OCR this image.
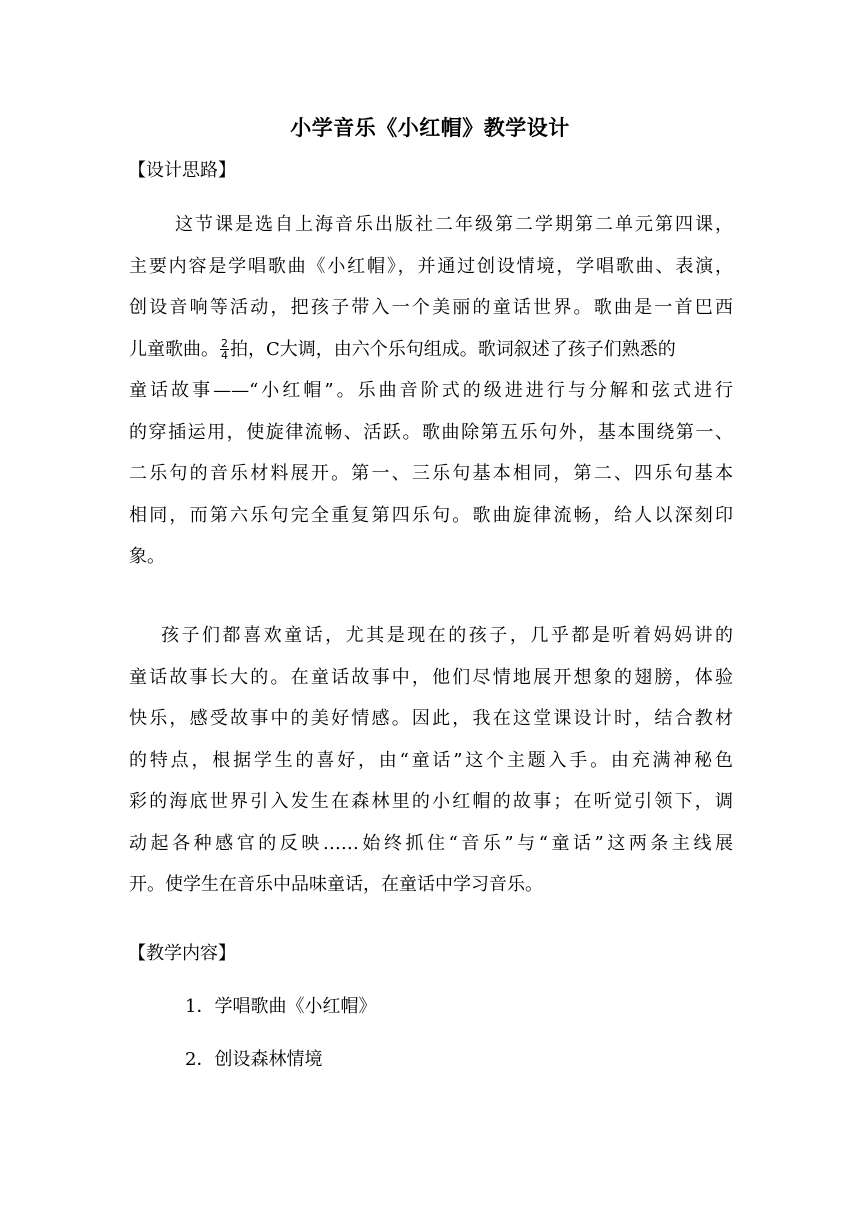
小学音乐《小红帽》教学设计
【设计思路】
　这节课是选自上海音乐出版社二年级第二学期第二单元第四课，
主要内容是学唱歌曲《小红帽》，并通过创设情境，学唱歌曲、表演，
创设音响等活动，把孩子带入一个美丽的童话世界。歌曲是一首巴西
儿童歌曲。 $\frac{2}{4}$ 拍，C大调，由六个乐句组成。歌词叙述了孩子们熟悉的
童话故事——“小红帽”。乐曲音阶式的级进进行与分解和弦式进行
的穿插运用，使旋律流畅、活跃。歌曲除第五乐句外，基本围绕第一、
二乐句的音乐材料展开。第一、三乐句基本相同，第二、四乐句基本
相同，而第六乐句完全重复第四乐句。歌曲旋律流畅，给人以深刻印
象。
孩子们都喜欢童话，尤其是现在的孩子，几乎都是听着妈妈讲的
童话故事长大的。在童话故事中，他们尽情地展开想象的翅膀，体验
快乐，感受故事中的美好情感。因此，我在这堂课设计时，结合教材
的特点，根据学生的喜好，由“童话”这个主题入手。由充满神秘色
彩的海底世界引入发生在森林里的小红帽的故事；在听觉引领下，调
动起各种感官的反映……始终抓住“音乐”与“童话”这两条主线展
开。使学生在音乐中品味童话，在童话中学习音乐。
【教学内容】
1．学唱歌曲《小红帽》
2．创设森林情境
